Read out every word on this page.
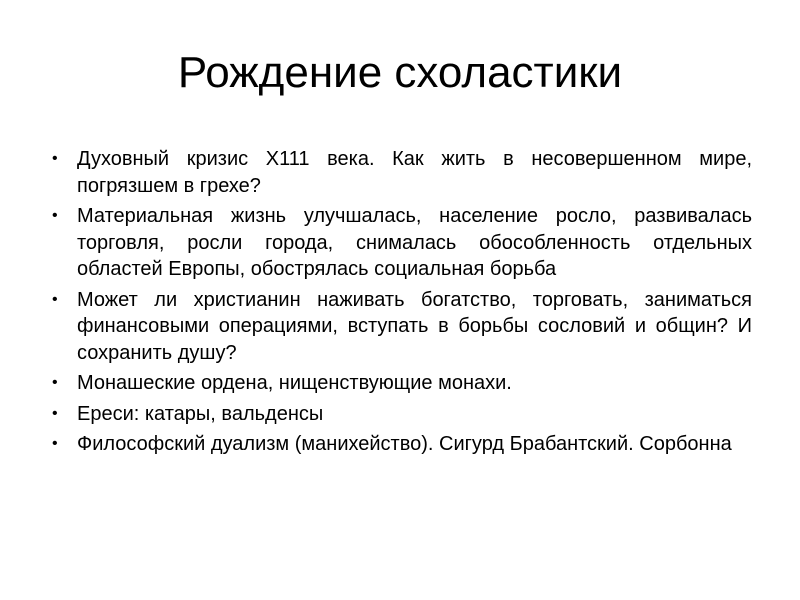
Рождение схоластики
• Духовный кризис Х111 века. Как жить в несовершенном мире, погрязшем в грехе?
• Материальная жизнь улучшалась, население росло, развивалась торговля, росли города, снималась обособленность отдельных областей Европы, обострялась социальная борьба
• Может ли христианин наживать богатство, торговать, заниматься финансовыми операциями, вступать в борьбы сословий и общин? И сохранить душу?
• Монашеские ордена, нищенствующие монахи.
• Ереси: катары, вальденсы
• Философский дуализм (манихейство). Сигурд Брабантский. Сорбонна
